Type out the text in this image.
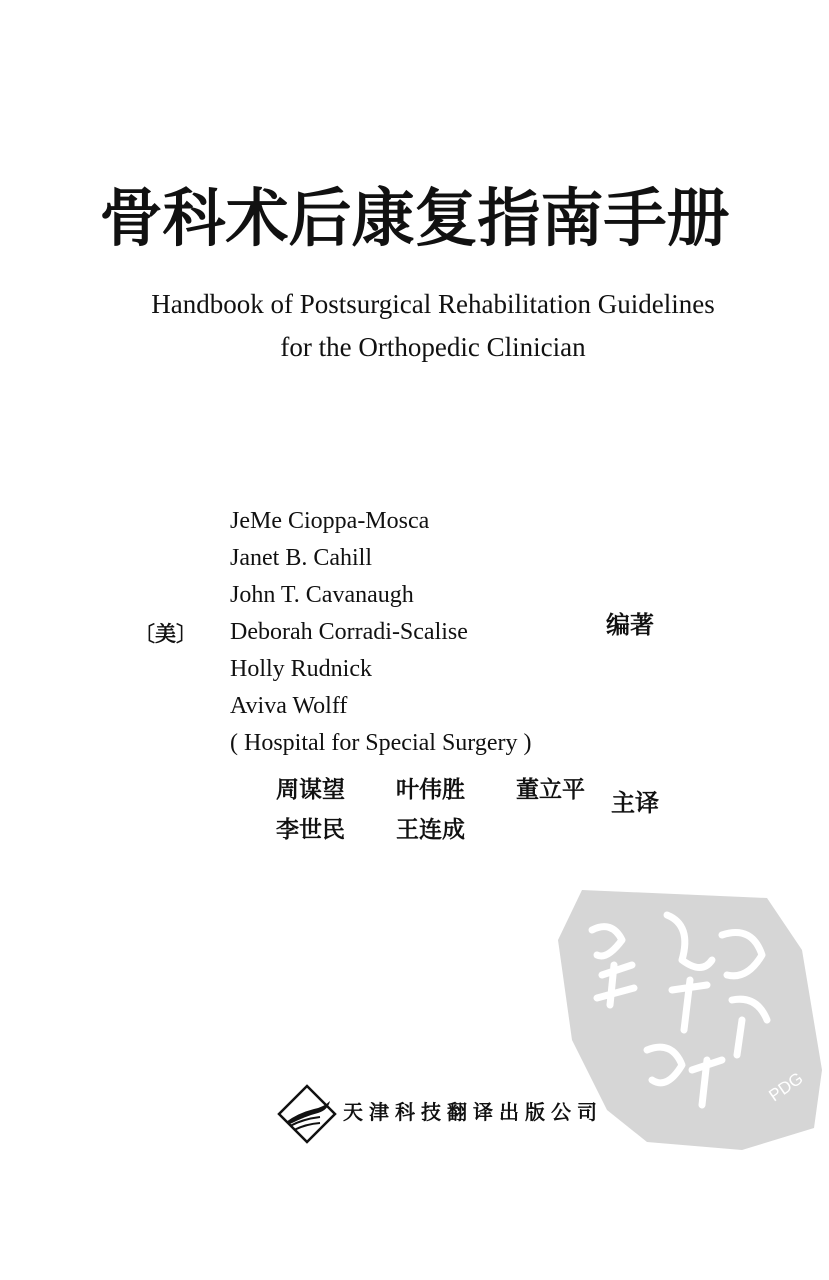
骨科术后康复指南手册
Handbook of Postsurgical Rehabilitation Guidelines
for the Orthopedic Clinician
JeMe Cioppa-Mosca
Janet B. Cahill
John T. Cavanaugh
Deborah Corradi-Scalise
Holly Rudnick
Aviva Wolff
( Hospital for Special Surgery )
〔美〕	编著
周谋望 叶伟胜 董立平
李世民 王连成
主译
PDG
天津科技翻译出版公司
